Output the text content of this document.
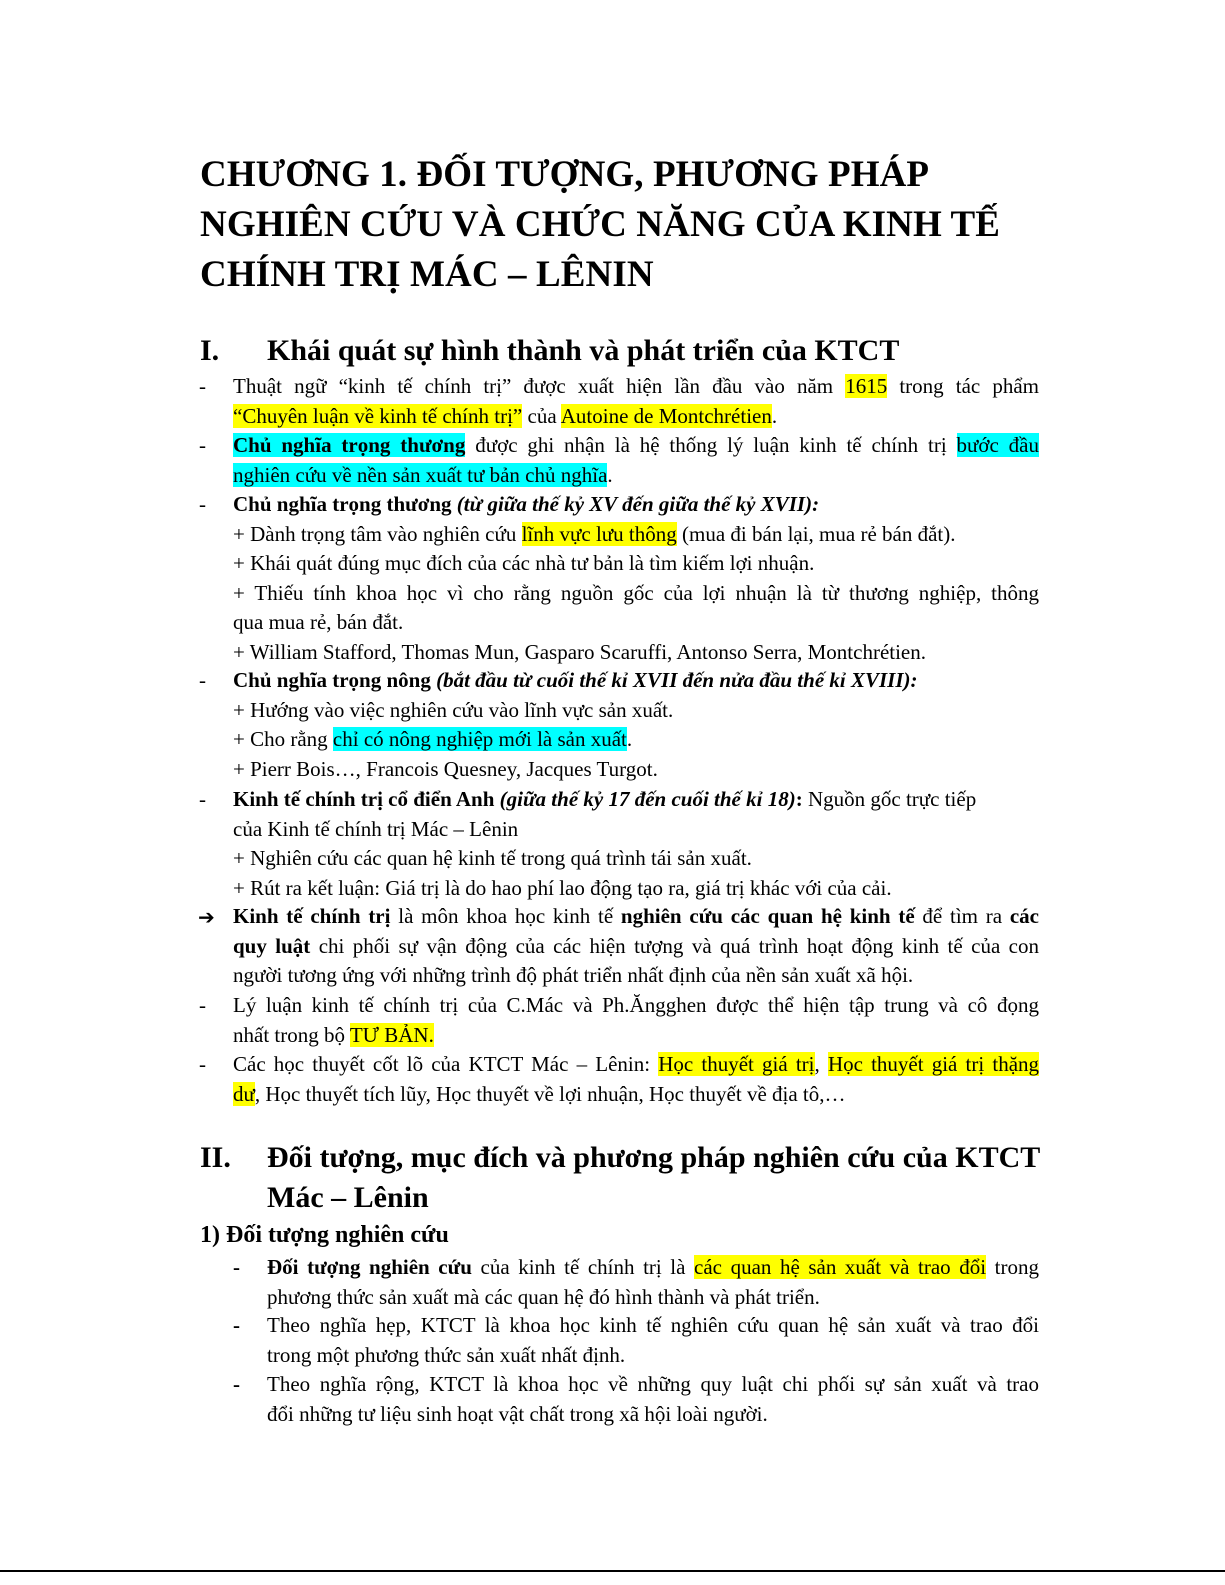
CHƯƠNG 1. ĐỐI TƯỢNG, PHƯƠNG PHÁP
NGHIÊN CỨU VÀ CHỨC NĂNG CỦA KINH TẾ
CHÍNH TRỊ MÁC – LÊNIN
I. Khái quát sự hình thành và phát triển của KTCT
- Thuật ngữ “kinh tế chính trị” được xuất hiện lần đầu vào năm 1615 trong tác phẩm
“Chuyên luận về kinh tế chính trị” của Autoine de Montchrétien.
- Chủ nghĩa trọng thương được ghi nhận là hệ thống lý luận kinh tế chính trị bước đầu
nghiên cứu về nền sản xuất tư bản chủ nghĩa.
- Chủ nghĩa trọng thương (từ giữa thế kỷ XV đến giữa thế kỷ XVII):
+ Dành trọng tâm vào nghiên cứu lĩnh vực lưu thông (mua đi bán lại, mua rẻ bán đắt).
+ Khái quát đúng mục đích của các nhà tư bản là tìm kiếm lợi nhuận.
+ Thiếu tính khoa học vì cho rằng nguồn gốc của lợi nhuận là từ thương nghiệp, thông
qua mua rẻ, bán đắt.
+ William Stafford, Thomas Mun, Gasparo Scaruffi, Antonso Serra, Montchrétien.
- Chủ nghĩa trọng nông (bắt đầu từ cuối thế kỉ XVII đến nửa đầu thế kỉ XVIII):
+ Hướng vào việc nghiên cứu vào lĩnh vực sản xuất.
+ Cho rằng chỉ có nông nghiệp mới là sản xuất.
+ Pierr Bois…, Francois Quesney, Jacques Turgot.
- Kinh tế chính trị cổ điển Anh (giữa thế kỷ 17 đến cuối thế kỉ 18): Nguồn gốc trực tiếp
của Kinh tế chính trị Mác – Lênin
+ Nghiên cứu các quan hệ kinh tế trong quá trình tái sản xuất.
+ Rút ra kết luận: Giá trị là do hao phí lao động tạo ra, giá trị khác với của cải.
➔ Kinh tế chính trị là môn khoa học kinh tế nghiên cứu các quan hệ kinh tế để tìm ra các
quy luật chi phối sự vận động của các hiện tượng và quá trình hoạt động kinh tế của con
người tương ứng với những trình độ phát triển nhất định của nền sản xuất xã hội.
- Lý luận kinh tế chính trị của C.Mác và Ph.Ăngghen được thể hiện tập trung và cô đọng
nhất trong bộ TƯ BẢN.
- Các học thuyết cốt lõ của KTCT Mác – Lênin: Học thuyết giá trị, Học thuyết giá trị thặng
dư, Học thuyết tích lũy, Học thuyết về lợi nhuận, Học thuyết về địa tô,…
II. Đối tượng, mục đích và phương pháp nghiên cứu của KTCT
Mác – Lênin
1) Đối tượng nghiên cứu
- Đối tượng nghiên cứu của kinh tế chính trị là các quan hệ sản xuất và trao đổi trong
phương thức sản xuất mà các quan hệ đó hình thành và phát triển.
- Theo nghĩa hẹp, KTCT là khoa học kinh tế nghiên cứu quan hệ sản xuất và trao đổi
trong một phương thức sản xuất nhất định.
- Theo nghĩa rộng, KTCT là khoa học về những quy luật chi phối sự sản xuất và trao
đổi những tư liệu sinh hoạt vật chất trong xã hội loài người.
